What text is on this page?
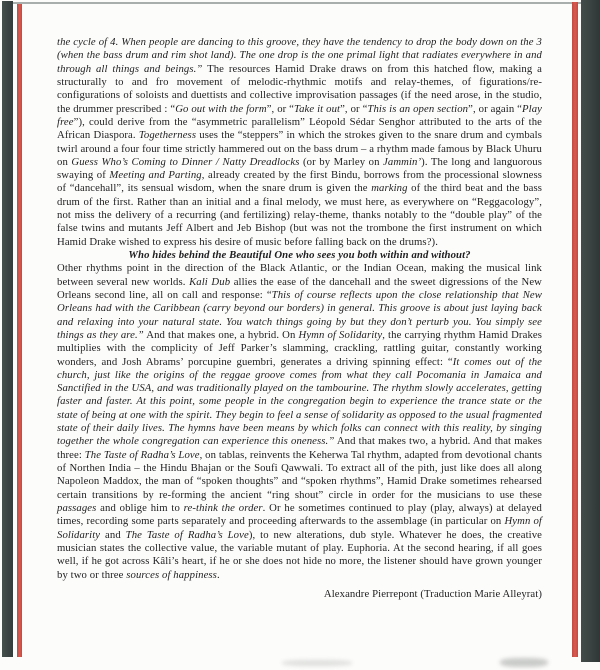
the cycle of 4. When people are dancing to this groove, they have the tendency to drop the body down on the 3 (when the bass drum and rim shot land). The one drop is the one primal light that radiates everywhere in and through all things and beings.” The resources Hamid Drake draws on from this hatched flow, making a structurally to and fro movement of melodic-rhythmic motifs and relay-themes, of figurations/re-configurations of soloists and duettists and collective improvisation passages (if the need arose, in the studio, the drummer prescribed : “Go out with the form”, or “Take it out”, or “This is an open section”, or again “Play free”), could derive from the “asymmetric parallelism” Léopold Sédar Senghor attributed to the arts of the African Diaspora. Togetherness uses the “steppers” in which the strokes given to the snare drum and cymbals twirl around a four four time strictly hammered out on the bass drum – a rhythm made famous by Black Uhuru on Guess Who’s Coming to Dinner / Natty Dreadlocks (or by Marley on Jammin’). The long and languorous swaying of Meeting and Parting, already created by the first Bindu, borrows from the processional slowness of “dancehall”, its sensual wisdom, when the snare drum is given the marking of the third beat and the bass drum of the first. Rather than an initial and a final melody, we must here, as everywhere on “Reggacology”, not miss the delivery of a recurring (and fertilizing) relay-theme, thanks notably to the “double play” of the false twins and mutants Jeff Albert and Jeb Bishop (but was not the trombone the first instrument on which Hamid Drake wished to express his desire of music before falling back on the drums?).

Who hides behind the Beautiful One who sees you both within and without?

Other rhythms point in the direction of the Black Atlantic, or the Indian Ocean, making the musical link between several new worlds. Kali Dub allies the ease of the dancehall and the sweet digressions of the New Orleans second line, all on call and response: “This of course reflects upon the close relationship that New Orleans had with the Caribbean (carry beyond our borders) in general. This groove is about just laying back and relaxing into your natural state. You watch things going by but they don’t perturb you. You simply see things as they are.” And that makes one, a hybrid. On Hymn of Solidarity, the carrying rhythm Hamid Drakes multiplies with the complicity of Jeff Parker’s slamming, crackling, rattling guitar, constantly working wonders, and Josh Abrams’ porcupine guembri, generates a driving spinning effect: “It comes out of the church, just like the origins of the reggae groove comes from what they call Pocomania in Jamaica and Sanctified in the USA, and was traditionally played on the tambourine. The rhythm slowly accelerates, getting faster and faster. At this point, some people in the congregation begin to experience the trance state or the state of being at one with the spirit. They begin to feel a sense of solidarity as opposed to the usual fragmented state of their daily lives. The hymns have been means by which folks can connect with this reality, by singing together the whole congregation can experience this oneness.” And that makes two, a hybrid. And that makes three: The Taste of Radha’s Love, on tablas, reinvents the Keherwa Tal rhythm, adapted from devotional chants of Northen India – the Hindu Bhajan or the Soufi Qawwali. To extract all of the pith, just like does all along Napoleon Maddox, the man of “spoken thoughts” and “spoken rhythms”, Hamid Drake sometimes rehearsed certain transitions by re-forming the ancient “ring shout” circle in order for the musicians to use these passages and oblige him to re-think the order. Or he sometimes continued to play (play, always) at delayed times, recording some parts separately and proceeding afterwards to the assemblage (in particular on Hymn of Solidarity and The Taste of Radha’s Love), to new alterations, dub style. Whatever he does, the creative musician states the collective value, the variable mutant of play. Euphoria. At the second hearing, if all goes well, if he got across Kâli’s heart, if he or she does not hide no more, the listener should have grown younger by two or three sources of happiness.

Alexandre Pierrepont (Traduction Marie Alleyrat)
